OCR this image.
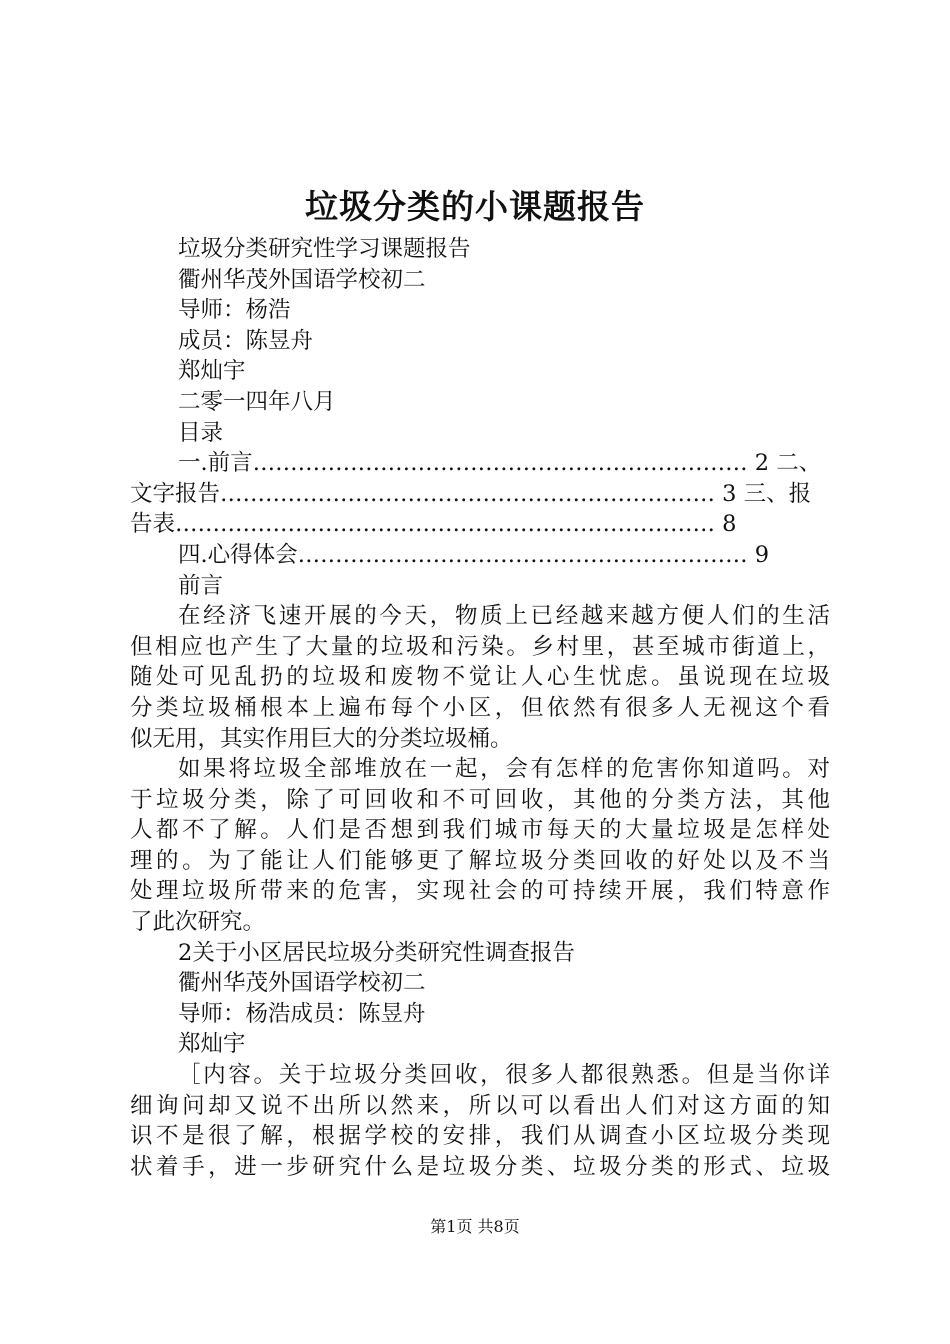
垃圾分类的小课题报告
垃圾分类研究性学习课题报告
衢州华茂外国语学校初二
导师：杨浩
成员：陈昱舟
郑灿宇
二零一四年八月
目录
一.前言………………………………………………………… 2 二、
文字报告………………………………………………………… 3 三、报
告表……………………………………………………………… 8
四.心得体会…………………………………………………… 9
前言
在经济飞速开展的今天，物质上已经越来越方便人们的生活
但相应也产生了大量的垃圾和污染。乡村里，甚至城市街道上，
随处可见乱扔的垃圾和废物不觉让人心生忧虑。虽说现在垃圾
分类垃圾桶根本上遍布每个小区，但依然有很多人无视这个看
似无用，其实作用巨大的分类垃圾桶。
如果将垃圾全部堆放在一起，会有怎样的危害你知道吗。对
于垃圾分类，除了可回收和不可回收，其他的分类方法，其他
人都不了解。人们是否想到我们城市每天的大量垃圾是怎样处
理的。为了能让人们能够更了解垃圾分类回收的好处以及不当
处理垃圾所带来的危害，实现社会的可持续开展，我们特意作
了此次研究。
2关于小区居民垃圾分类研究性调查报告
衢州华茂外国语学校初二
导师：杨浩成员：陈昱舟
郑灿宇
［内容。关于垃圾分类回收，很多人都很熟悉。但是当你详
细询问却又说不出所以然来，所以可以看出人们对这方面的知
识不是很了解，根据学校的安排，我们从调查小区垃圾分类现
状着手，进一步研究什么是垃圾分类、垃圾分类的形式、垃圾
第1页 共8页
